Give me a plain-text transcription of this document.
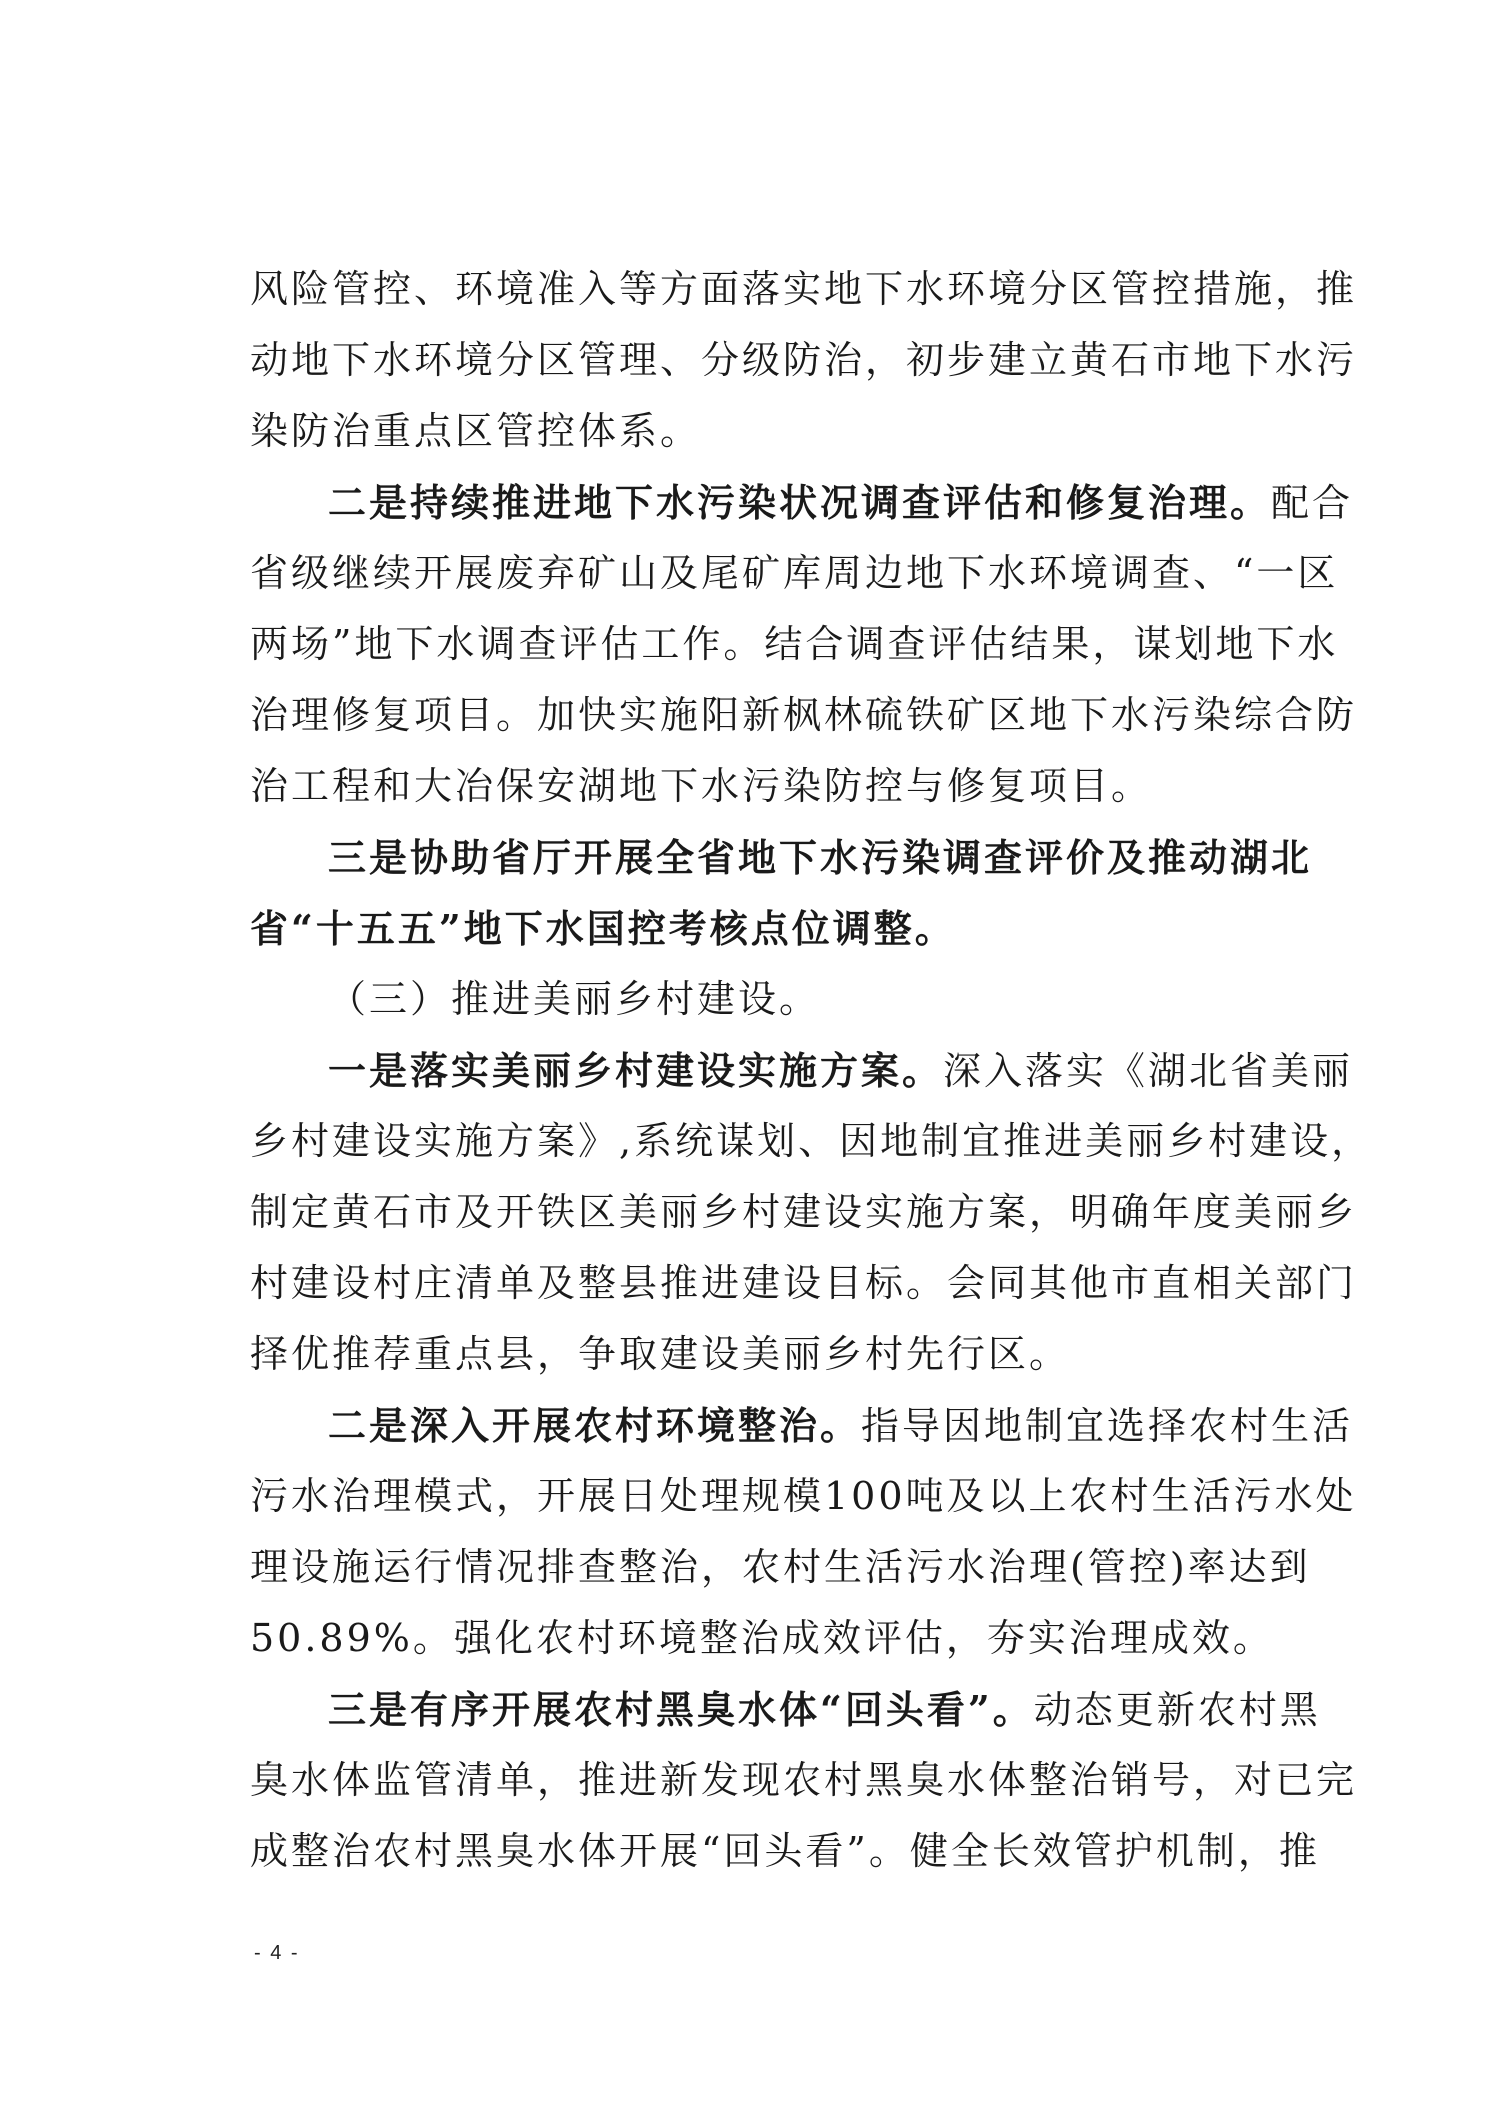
风险管控、环境准入等方面落实地下水环境分区管控措施，推
动地下水环境分区管理、分级防治，初步建立黄石市地下水污
染防治重点区管控体系。
二是持续推进地下水污染状况调查评估和修复治理。配合
省级继续开展废弃矿山及尾矿库周边地下水环境调查、“一区
两场”地下水调查评估工作。结合调查评估结果，谋划地下水
治理修复项目。加快实施阳新枫林硫铁矿区地下水污染综合防
治工程和大冶保安湖地下水污染防控与修复项目。
三是协助省厅开展全省地下水污染调查评价及推动湖北
省“十五五”地下水国控考核点位调整。
（三）推进美丽乡村建设。
一是落实美丽乡村建设实施方案。深入落实《湖北省美丽
乡村建设实施方案》,系统谋划、因地制宜推进美丽乡村建设，
制定黄石市及开铁区美丽乡村建设实施方案，明确年度美丽乡
村建设村庄清单及整县推进建设目标。会同其他市直相关部门
择优推荐重点县，争取建设美丽乡村先行区。
二是深入开展农村环境整治。指导因地制宜选择农村生活
污水治理模式，开展日处理规模100吨及以上农村生活污水处
理设施运行情况排查整治，农村生活污水治理(管控)率达到
50.89%。强化农村环境整治成效评估，夯实治理成效。
三是有序开展农村黑臭水体“回头看”。动态更新农村黑
臭水体监管清单，推进新发现农村黑臭水体整治销号，对已完
成整治农村黑臭水体开展“回头看”。健全长效管护机制，推
- 4 -
